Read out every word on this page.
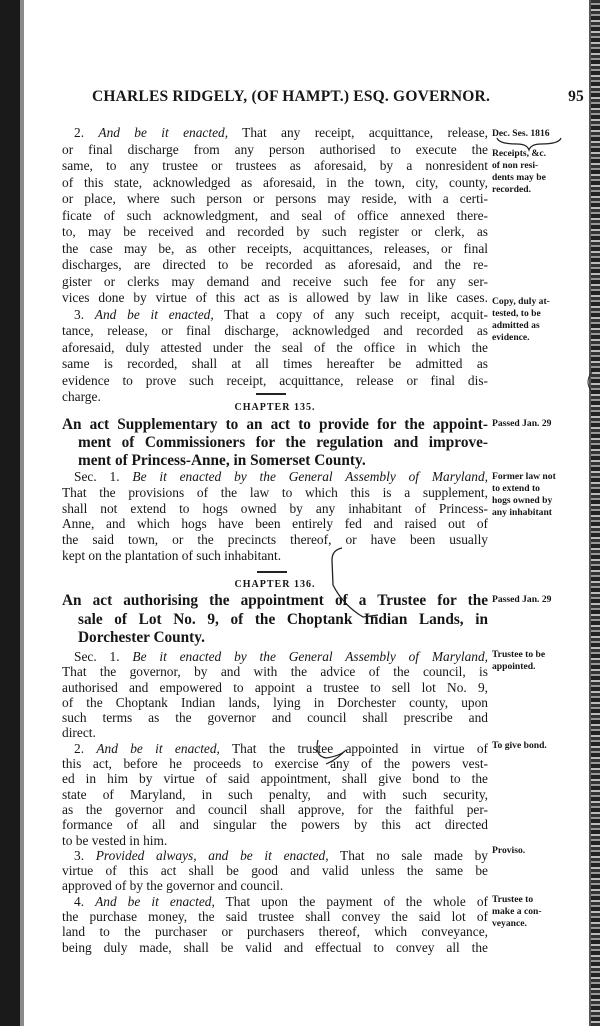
CHARLES RIDGELY, (OF HAMPT.) ESQ. GOVERNOR.	95
2. And be it enacted, That any receipt, acquittance, release,
or final discharge from any person authorised to execute the
same, to any trustee or trustees as aforesaid, by a nonresident
of this state, acknowledged as aforesaid, in the town, city, county,
or place, where such person or persons may reside, with a certi-
ficate of such acknowledgment, and seal of office annexed there-
to, may be received and recorded by such register or clerk, as
the case may be, as other receipts, acquittances, releases, or final
discharges, are directed to be recorded as aforesaid, and the re-
gister or clerks may demand and receive such fee for any ser-
vices done by virtue of this act as is allowed by law in like cases.
3. And be it enacted, That a copy of any such receipt, acquit-
tance, release, or final discharge, acknowledged and recorded as
aforesaid, duly attested under the seal of the office in which the
same is recorded, shall at all times hereafter be admitted as
evidence to prove such receipt, acquittance, release or final dis-
charge.
CHAPTER 135.
An act Supplementary to an act to provide for the appoint-
ment of Commissioners for the regulation and improve-
ment of Princess-Anne, in Somerset County.
Sec. 1. Be it enacted by the General Assembly of Maryland,
That the provisions of the law to which this is a supplement,
shall not extend to hogs owned by any inhabitant of Princess-
Anne, and which hogs have been entirely fed and raised out of
the said town, or the precincts thereof, or have been usually
kept on the plantation of such inhabitant.
CHAPTER 136.
An act authorising the appointment of a Trustee for the
sale of Lot No. 9, of the Choptank Indian Lands, in
Dorchester County.
Sec. 1. Be it enacted by the General Assembly of Maryland,
That the governor, by and with the advice of the council, is
authorised and empowered to appoint a trustee to sell lot No. 9,
of the Choptank Indian lands, lying in Dorchester county, upon
such terms as the governor and council shall prescribe and
direct.
2. And be it enacted, That the trustee appointed in virtue of
this act, before he proceeds to exercise any of the powers vest-
ed in him by virtue of said appointment, shall give bond to the
state of Maryland, in such penalty, and with such security,
as the governor and council shall approve, for the faithful per-
formance of all and singular the powers by this act directed
to be vested in him.
3. Provided always, and be it enacted, That no sale made by
virtue of this act shall be good and valid unless the same be
approved of by the governor and council.
4. And be it enacted, That upon the payment of the whole of
the purchase money, the said trustee shall convey the said lot of
land to the purchaser or purchasers thereof, which conveyance,
being duly made, shall be valid and effectual to convey all the
Dec. Ses. 1816
Receipts, &c.
of non resi-
dents may be
recorded.
Copy, duly at-
tested, to be
admitted as
evidence.
Passed Jan. 29
Former law not
to extend to
hogs owned by
any inhabitant
Passed Jan. 29
Trustee to be
appointed.
To give bond.
Proviso.
Trustee to
make a con-
veyance.
